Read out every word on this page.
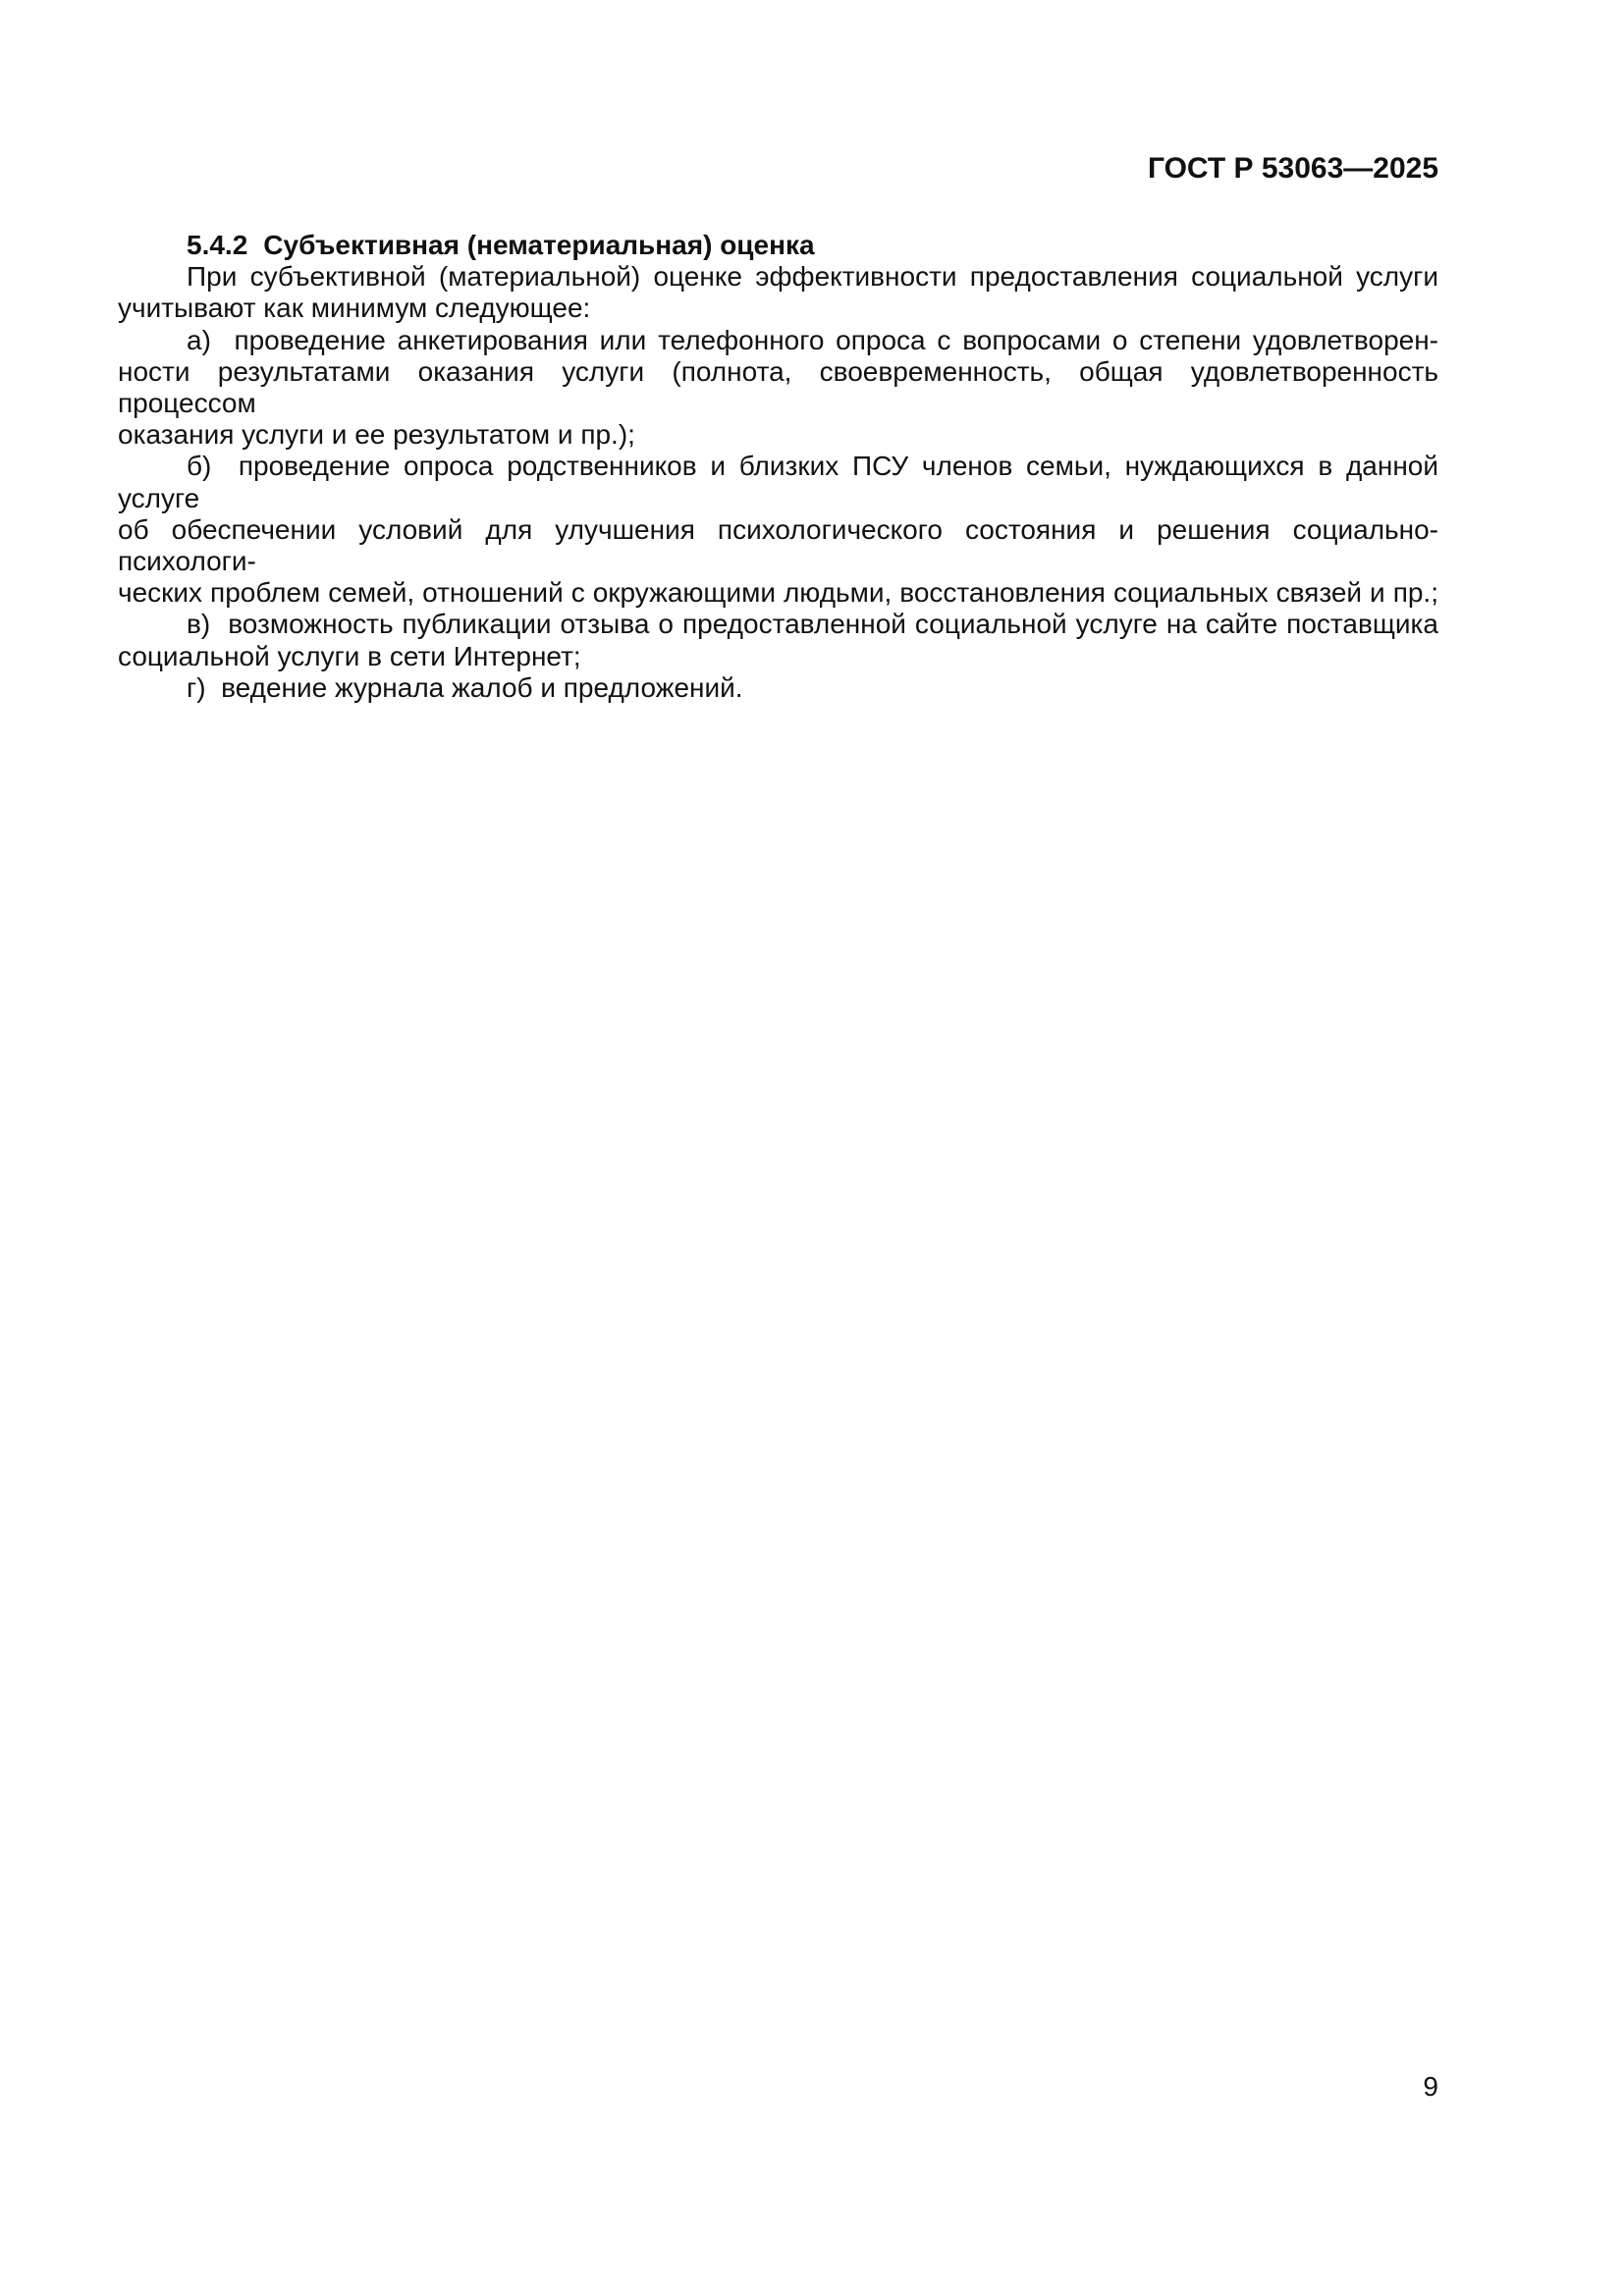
ГОСТ Р 53063—2025
5.4.2 Субъективная (нематериальная) оценка
При субъективной (материальной) оценке эффективности предоставления социальной услуги
учитывают как минимум следующее:
а)  проведение анкетирования или телефонного опроса с вопросами о степени удовлетворен-
ности результатами оказания услуги (полнота, своевременность, общая удовлетворенность процессом
оказания услуги и ее результатом и пр.);
б)  проведение опроса родственников и близких ПСУ членов семьи, нуждающихся в данной услуге
об обеспечении условий для улучшения психологического состояния и решения социально-психологи-
ческих проблем семей, отношений с окружающими людьми, восстановления социальных связей и пр.;
в)  возможность публикации отзыва о предоставленной социальной услуге на сайте поставщика
социальной услуги в сети Интернет;
г)  ведение журнала жалоб и предложений.
9
